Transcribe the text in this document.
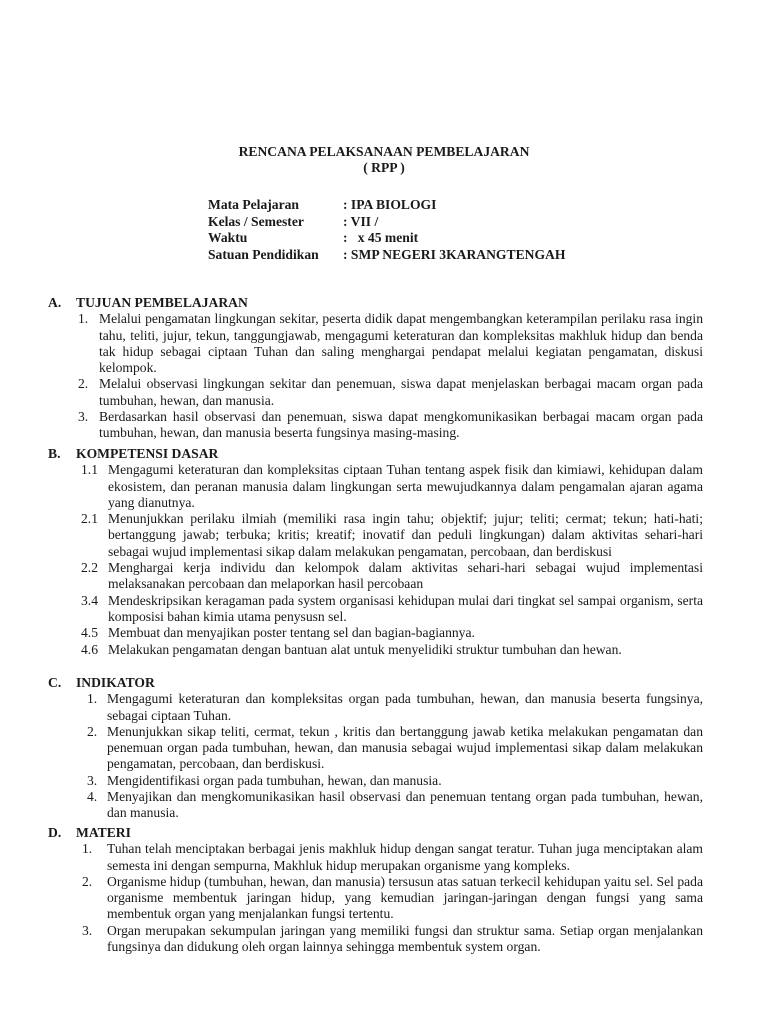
RENCANA PELAKSANAAN PEMBELAJARAN
( RPP )
Mata Pelajaran	: IPA BIOLOGI
Kelas / Semester	: VII /
Waktu	:   x 45 menit
Satuan Pendidikan : SMP NEGERI 3KARANGTENGAH
A. TUJUAN PEMBELAJARAN
1. Melalui pengamatan lingkungan sekitar, peserta didik dapat mengembangkan keterampilan perilaku rasa ingin tahu, teliti, jujur, tekun, tanggungjawab, mengagumi keteraturan dan kompleksitas makhluk hidup dan benda tak hidup sebagai ciptaan Tuhan dan saling menghargai pendapat melalui kegiatan pengamatan, diskusi kelompok.
2. Melalui observasi lingkungan sekitar dan penemuan, siswa dapat menjelaskan berbagai macam organ pada tumbuhan, hewan, dan manusia.
3. Berdasarkan hasil observasi dan penemuan, siswa dapat mengkomunikasikan berbagai macam organ pada tumbuhan, hewan, dan manusia beserta fungsinya masing-masing.
B. KOMPETENSI DASAR
1.1 Mengagumi keteraturan dan kompleksitas ciptaan Tuhan tentang aspek fisik dan kimiawi, kehidupan dalam ekosistem, dan peranan manusia dalam lingkungan serta mewujudkannya dalam pengamalan ajaran agama yang dianutnya.
2.1 Menunjukkan perilaku ilmiah (memiliki rasa ingin tahu; objektif; jujur; teliti; cermat; tekun; hati-hati; bertanggung jawab; terbuka; kritis; kreatif; inovatif dan peduli lingkungan) dalam aktivitas sehari-hari sebagai wujud implementasi sikap dalam melakukan pengamatan, percobaan, dan berdiskusi
2.2 Menghargai kerja individu dan kelompok dalam aktivitas sehari-hari sebagai wujud implementasi melaksanakan percobaan dan melaporkan hasil percobaan
3.4 Mendeskripsikan keragaman pada system organisasi kehidupan mulai dari tingkat sel sampai organism, serta komposisi bahan kimia utama penysusn sel.
4.5 Membuat dan menyajikan poster tentang sel dan bagian-bagiannya.
4.6 Melakukan pengamatan dengan bantuan alat untuk menyelidiki struktur tumbuhan dan hewan.
C. INDIKATOR
1. Mengagumi keteraturan dan kompleksitas organ pada tumbuhan, hewan, dan manusia beserta fungsinya, sebagai ciptaan Tuhan.
2. Menunjukkan sikap teliti, cermat, tekun , kritis dan bertanggung jawab ketika melakukan pengamatan dan penemuan organ pada tumbuhan, hewan, dan manusia sebagai wujud implementasi sikap dalam melakukan pengamatan, percobaan, dan berdiskusi.
3. Mengidentifikasi organ pada tumbuhan, hewan, dan manusia.
4. Menyajikan dan mengkomunikasikan hasil observasi dan penemuan tentang organ pada tumbuhan, hewan, dan manusia.
D. MATERI
1. Tuhan telah menciptakan berbagai jenis makhluk hidup dengan sangat teratur. Tuhan juga menciptakan alam semesta ini dengan sempurna, Makhluk hidup merupakan organisme yang kompleks.
2. Organisme hidup (tumbuhan, hewan, dan manusia) tersusun atas satuan terkecil kehidupan yaitu sel. Sel pada organisme membentuk jaringan hidup, yang kemudian jaringan-jaringan dengan fungsi yang sama membentuk organ yang menjalankan fungsi tertentu.
3. Organ merupakan sekumpulan jaringan yang memiliki fungsi dan struktur sama. Setiap organ menjalankan fungsinya dan didukung oleh organ lainnya sehingga membentuk system organ.
